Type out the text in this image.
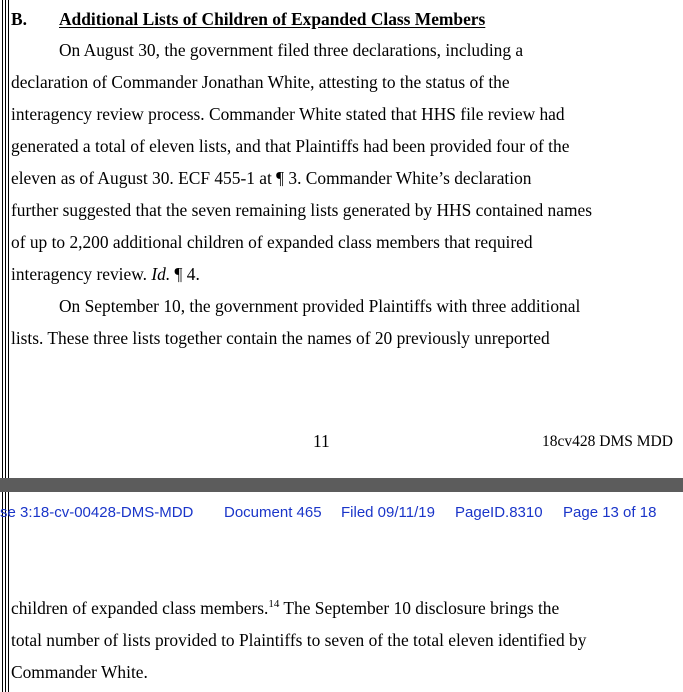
B. Additional Lists of Children of Expanded Class Members
On August 30, the government filed three declarations, including a
declaration of Commander Jonathan White, attesting to the status of the
interagency review process. Commander White stated that HHS file review had
generated a total of eleven lists, and that Plaintiffs had been provided four of the
eleven as of August 30. ECF 455-1 at ¶ 3. Commander White’s declaration
further suggested that the seven remaining lists generated by HHS contained names
of up to 2,200 additional children of expanded class members that required
interagency review. Id. ¶ 4.
On September 10, the government provided Plaintiffs with three additional
lists. These three lists together contain the names of 20 previously unreported
11	18cv428 DMS MDD
se 3:18-cv-00428-DMS-MDD Document 465 Filed 09/11/19 PageID.8310 Page 13 of 18
children of expanded class members.$^{14}$ The September 10 disclosure brings the
total number of lists provided to Plaintiffs to seven of the total eleven identified by
Commander White.
